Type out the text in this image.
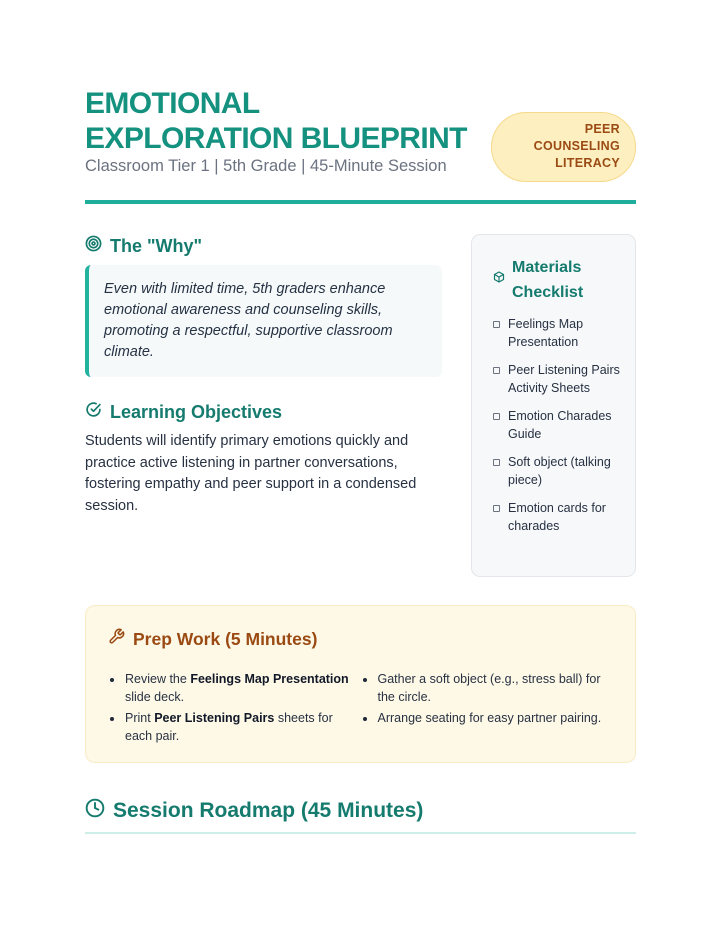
EMOTIONAL
EXPLORATION BLUEPRINT
Classroom Tier 1 | 5th Grade | 45-Minute Session
PEER
COUNSELING
LITERACY
The "Why"

Even with limited time, 5th graders enhance emotional awareness and counseling skills, promoting a respectful, supportive classroom climate.

Learning Objectives
Students will identify primary emotions quickly and practice active listening in partner conversations, fostering empathy and peer support in a condensed session.
Materials Checklist
Feelings Map Presentation
Peer Listening Pairs Activity Sheets
Emotion Charades Guide
Soft object (talking piece)
Emotion cards for charades
Prep Work (5 Minutes)
Review the Feelings Map Presentation slide deck.
Print Peer Listening Pairs sheets for each pair.
Gather a soft object (e.g., stress ball) for the circle.
Arrange seating for easy partner pairing.
Session Roadmap (45 Minutes)
